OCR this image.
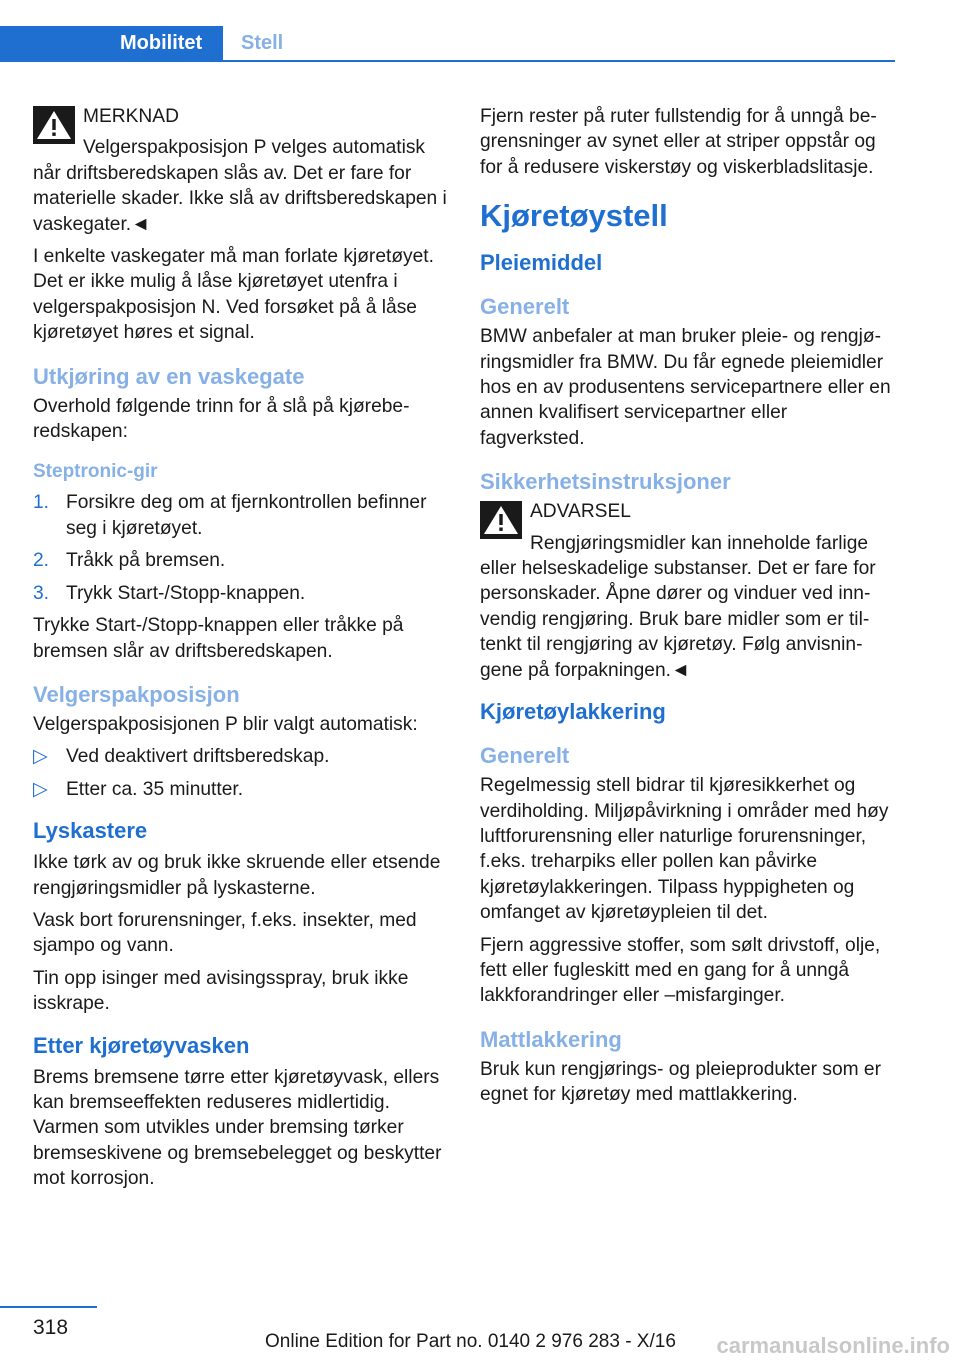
Mobilitet	Stell

MERKNAD

Velgerspakposisjon P velges automatisk når driftsberedskapen slås av. Det er fare for materielle skader. Ikke slå av driftsberedskapen i vaskegater.◄

I enkelte vaskegater må man forlate kjøretøyet. Det er ikke mulig å låse kjøretøyet utenfra i velgerspakposisjon N. Ved forsøket på å låse kjøretøyet høres et signal.

Utkjøring av en vaskegate

Overhold følgende trinn for å slå på kjøreberedskapen:

Steptronic-gir
1. Forsikre deg om at fjernkontrollen befinner seg i kjøretøyet.
2. Tråkk på bremsen.
3. Trykk Start-/Stopp-knappen.

Trykke Start-/Stopp-knappen eller tråkke på bremsen slår av driftsberedskapen.

Velgerspakposisjon

Velgerspakposisjonen P blir valgt automatisk:

▷ Ved deaktivert driftsberedskap.
▷ Etter ca. 35 minutter.
Lyskastere

Ikke tørk av og bruk ikke skruende eller etsende rengjøringsmidler på lyskasterne.

Vask bort forurensninger, f.eks. insekter, med sjampo og vann.

Tin opp isinger med avisingsspray, bruk ikke isskrape.

Etter kjøretøyvasken

Brems bremsene tørre etter kjøretøyvask, ellers kan bremseeffekten reduseres midlertidig. Varmen som utvikles under bremsing tørker bremseskivene og bremsebelegget og beskytter mot korrosjon.

Fjern rester på ruter fullstendig for å unngå begrensninger av synet eller at striper oppstår og for å redusere viskerstøy og viskerbladslitasje.

Kjøretøystell
Pleiemiddel
Generelt

BMW anbefaler at man bruker pleie- og rengjøringsmidler fra BMW. Du får egnede pleiemidler hos en av produsentens servicepartnere eller en annen kvalifisert servicepartner eller fagverksted.

Sikkerhetsinstruksjoner

ADVARSEL

Rengjøringsmidler kan inneholde farlige eller helseskadelige substanser. Det er fare for personskader. Åpne dører og vinduer ved innvendig rengjøring. Bruk bare midler som er tiltenkt til rengjøring av kjøretøy. Følg anvisningene på forpakningen.◄

Kjøretøylakkering
Generelt

Regelmessig stell bidrar til kjøresikkerhet og verdiholding. Miljøpåvirkning i områder med høy luftforurensning eller naturlige forurensninger, f.eks. treharpiks eller pollen kan påvirke kjøretøylakkeringen. Tilpass hyppigheten og omfanget av kjøretøypleien til det.

Fjern aggressive stoffer, som sølt drivstoff, olje, fett eller fugleskitt med en gang for å unngå lakkforandringer eller –misfarginger.

Mattlakkering

Bruk kun rengjørings- og pleieprodukter som er egnet for kjøretøy med mattlakkering.

318
Online Edition for Part no. 0140 2 976 283 - X/16 carmanualsonline.info
